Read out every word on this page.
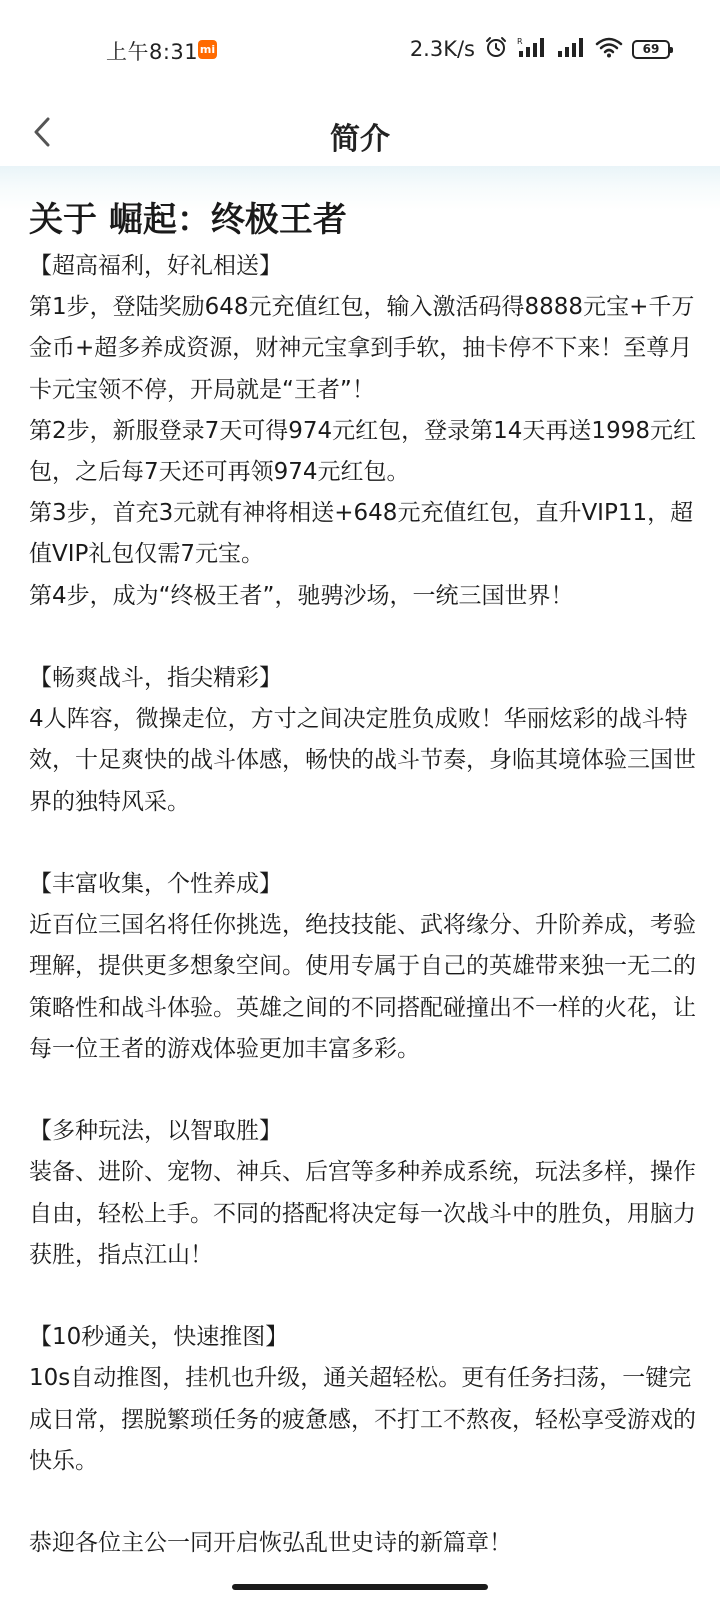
上午8:31 mi	2.3K/s	R
69
简介
关于 崛起：终极王者

【超高福利，好礼相送】
第1步，登陆奖励648元充值红包，输入激活码得8888元宝+千万金币+超多养成资源，财神元宝拿到手软，抽卡停不下来！至尊月卡元宝领不停，开局就是“王者”！
第2步，新服登录7天可得974元红包，登录第14天再送1998元红包，之后每7天还可再领974元红包。
第3步，首充3元就有神将相送+648元充值红包，直升VIP11，超值VIP礼包仅需7元宝。
第4步，成为“终极王者”，驰骋沙场，一统三国世界！

【畅爽战斗，指尖精彩】
4人阵容，微操走位，方寸之间决定胜负成败！华丽炫彩的战斗特效，十足爽快的战斗体感，畅快的战斗节奏，身临其境体验三国世界的独特风采。

【丰富收集，个性养成】
近百位三国名将任你挑选，绝技技能、武将缘分、升阶养成，考验理解，提供更多想象空间。使用专属于自己的英雄带来独一无二的策略性和战斗体验。英雄之间的不同搭配碰撞出不一样的火花，让每一位王者的游戏体验更加丰富多彩。

【多种玩法，以智取胜】
装备、进阶、宠物、神兵、后宫等多种养成系统，玩法多样，操作自由，轻松上手。不同的搭配将决定每一次战斗中的胜负，用脑力获胜，指点江山！

【10秒通关，快速推图】
10s自动推图，挂机也升级，通关超轻松。更有任务扫荡，一键完成日常，摆脱繁琐任务的疲惫感，不打工不熬夜，轻松享受游戏的快乐。

恭迎各位主公一同开启恢弘乱世史诗的新篇章！
